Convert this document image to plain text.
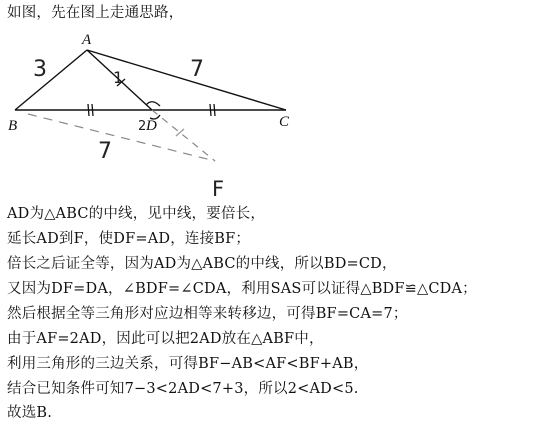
如图，先在图上走通思路，
A
B	C
D
F
3	7
7
1
2
AD为△ABC的中线，见中线，要倍长，
延长AD到F，使DF=AD，连接BF；
倍长之后证全等，因为AD为△ABC的中线，所以BD=CD，
又因为DF=DA，∠BDF=∠CDA，利用SAS可以证得△BDF≌△CDA；
然后根据全等三角形对应边相等来转移边，可得BF=CA=7；
由于AF=2AD，因此可以把2AD放在△ABF中，
利用三角形的三边关系，可得BF−AB<AF<BF+AB，
结合已知条件可知7−3<2AD<7+3，所以2<AD<5.
故选B.
